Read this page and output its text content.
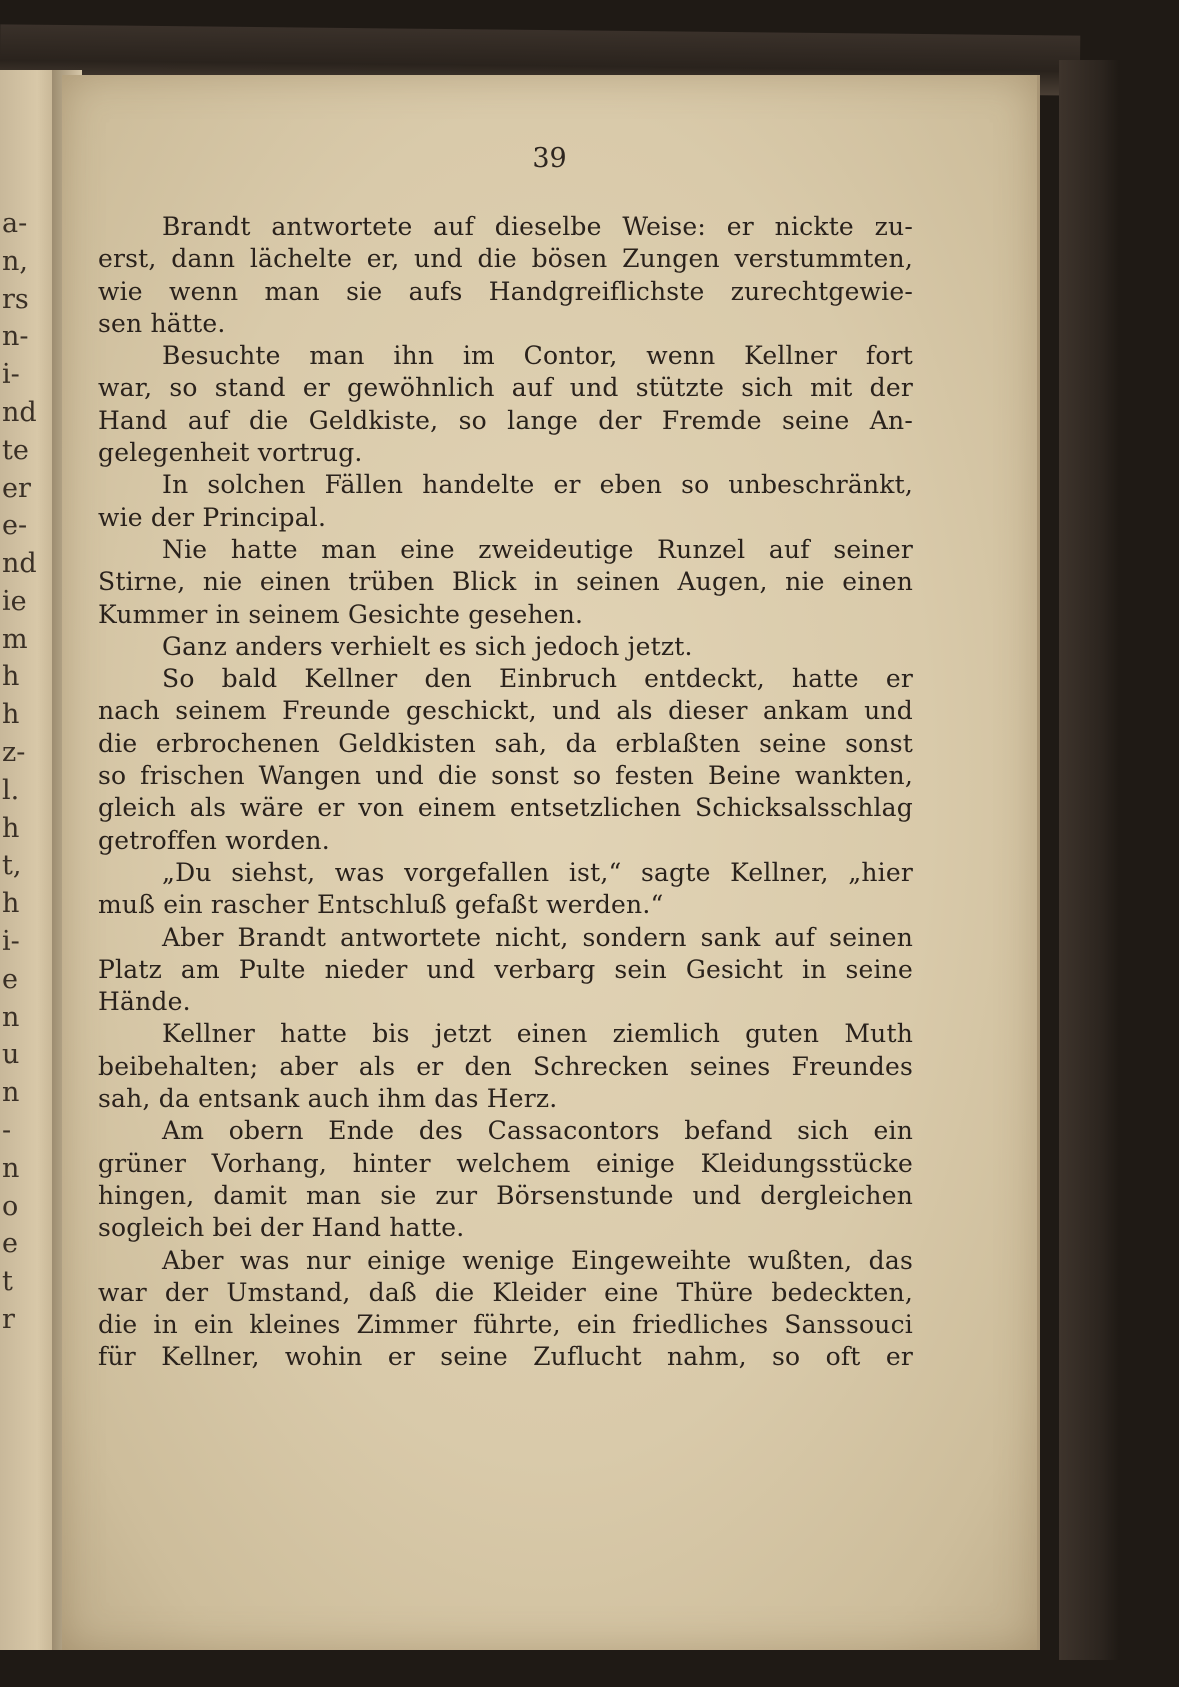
a-
n,
rs
n-
i-
nd
te
er
e-
nd
ie
m
h
h
z-
l.
h
t,
h
i-
e
n
u
n
-
n
o
e
t
r
39
Brandt antwortete auf dieselbe Weise: er nickte zu-
erst, dann lächelte er, und die bösen Zungen verstummten,
wie wenn man sie aufs Handgreiflichste zurechtgewie-
sen hätte.
Besuchte man ihn im Contor, wenn Kellner fort
war, so stand er gewöhnlich auf und stützte sich mit der
Hand auf die Geldkiste, so lange der Fremde seine An-
gelegenheit vortrug.
In solchen Fällen handelte er eben so unbeschränkt,
wie der Principal.
Nie hatte man eine zweideutige Runzel auf seiner
Stirne, nie einen trüben Blick in seinen Augen, nie einen
Kummer in seinem Gesichte gesehen.
Ganz anders verhielt es sich jedoch jetzt.
So bald Kellner den Einbruch entdeckt, hatte er
nach seinem Freunde geschickt, und als dieser ankam und
die erbrochenen Geldkisten sah, da erblaßten seine sonst
so frischen Wangen und die sonst so festen Beine wankten,
gleich als wäre er von einem entsetzlichen Schicksalsschlag
getroffen worden.
„Du siehst, was vorgefallen ist,“ sagte Kellner, „hier
muß ein rascher Entschluß gefaßt werden.“
Aber Brandt antwortete nicht, sondern sank auf seinen
Platz am Pulte nieder und verbarg sein Gesicht in seine
Hände.
Kellner hatte bis jetzt einen ziemlich guten Muth
beibehalten; aber als er den Schrecken seines Freundes
sah, da entsank auch ihm das Herz.
Am obern Ende des Cassacontors befand sich ein
grüner Vorhang, hinter welchem einige Kleidungsstücke
hingen, damit man sie zur Börsenstunde und dergleichen
sogleich bei der Hand hatte.
Aber was nur einige wenige Eingeweihte wußten, das
war der Umstand, daß die Kleider eine Thüre bedeckten,
die in ein kleines Zimmer führte, ein friedliches Sanssouci
für Kellner, wohin er seine Zuflucht nahm, so oft er
